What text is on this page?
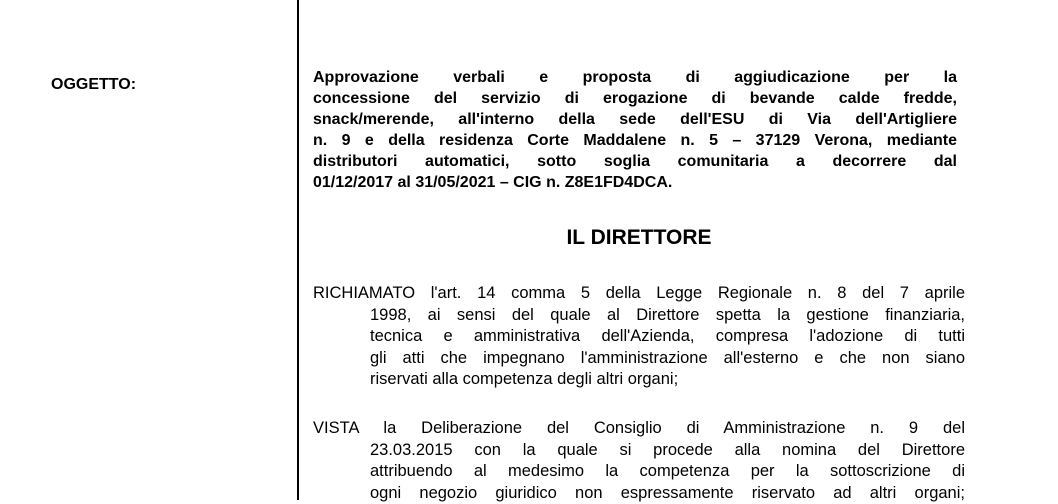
OGGETTO:	Approvazione verbali e proposta di aggiudicazione per la
concessione del servizio di erogazione di bevande calde fredde,
snack/merende, all'interno della sede dell'ESU di Via dell'Artigliere
n. 9 e della residenza Corte Maddalene n. 5 – 37129 Verona, mediante
distributori automatici, sotto soglia comunitaria a decorrere dal
01/12/2017 al 31/05/2021 – CIG n. Z8E1FD4DCA.
IL DIRETTORE
RICHIAMATO l'art. 14 comma 5 della Legge Regionale n. 8 del 7 aprile
1998, ai sensi del quale al Direttore spetta la gestione finanziaria,
tecnica e amministrativa dell'Azienda, compresa l'adozione di tutti
gli atti che impegnano l'amministrazione all'esterno e che non siano
riservati alla competenza degli altri organi;
VISTA la Deliberazione del Consiglio di Amministrazione n. 9 del
23.03.2015 con la quale si procede alla nomina del Direttore
attribuendo al medesimo la competenza per la sottoscrizione di
ogni negozio giuridico non espressamente riservato ad altri organi;
